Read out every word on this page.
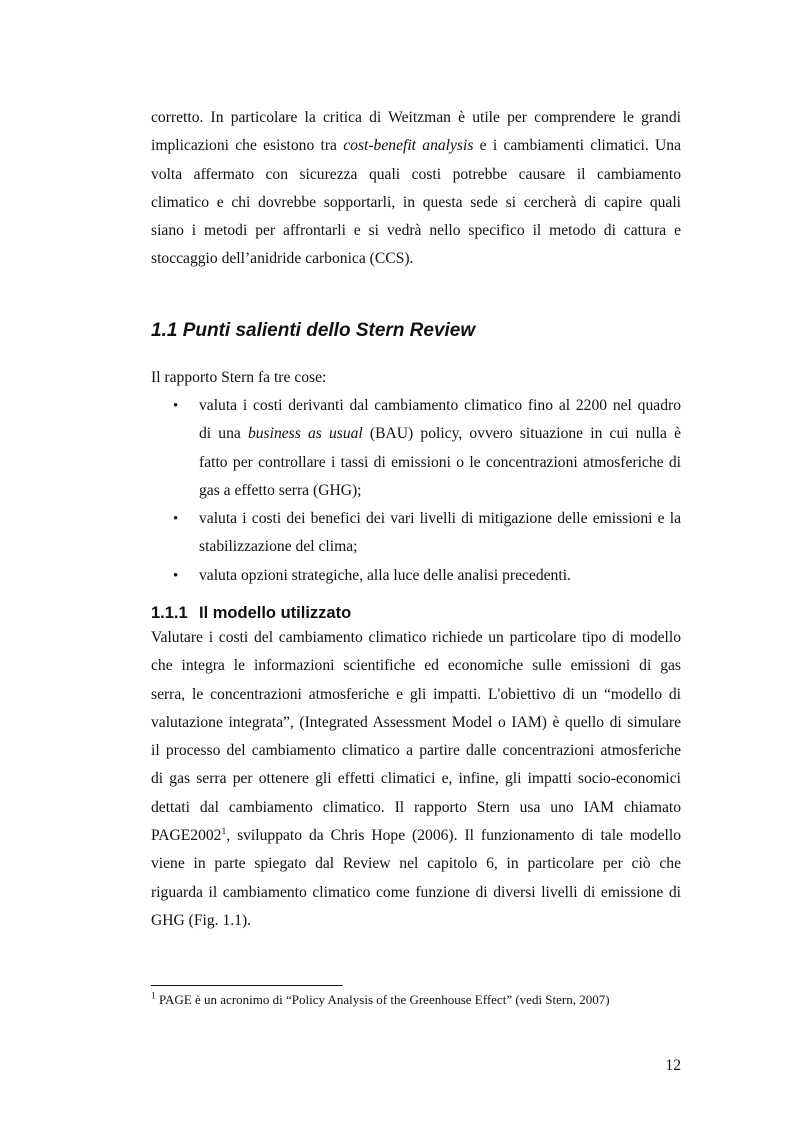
corretto. In particolare la critica di Weitzman è utile per comprendere le grandi
implicazioni che esistono tra cost-benefit analysis e i cambiamenti climatici. Una
volta affermato con sicurezza quali costi potrebbe causare il cambiamento
climatico e chi dovrebbe sopportarli, in questa sede si cercherà di capire quali
siano i metodi per affrontarli e si vedrà nello specifico il metodo di cattura e
stoccaggio dell’anidride carbonica (CCS).
1.1 Punti salienti dello Stern Review

Il rapporto Stern fa tre cose:

• valuta i costi derivanti dal cambiamento climatico fino al 2200 nel quadro
di una business as usual (BAU) policy, ovvero situazione in cui nulla è
fatto per controllare i tassi di emissioni o le concentrazioni atmosferiche di
gas a effetto serra (GHG);
• valuta i costi dei benefici dei vari livelli di mitigazione delle emissioni e la
stabilizzazione del clima;
• valuta opzioni strategiche, alla luce delle analisi precedenti.
1.1.1 Il modello utilizzato
Valutare i costi del cambiamento climatico richiede un particolare tipo di modello
che integra le informazioni scientifiche ed economiche sulle emissioni di gas
serra, le concentrazioni atmosferiche e gli impatti. L'obiettivo di un “modello di
valutazione integrata”, (Integrated Assessment Model o IAM) è quello di simulare
il processo del cambiamento climatico a partire dalle concentrazioni atmosferiche
di gas serra per ottenere gli effetti climatici e, infine, gli impatti socio-economici
dettati dal cambiamento climatico. Il rapporto Stern usa uno IAM chiamato
PAGE2002$^1$, sviluppato da Chris Hope (2006). Il funzionamento di tale modello
viene in parte spiegato dal Review nel capitolo 6, in particolare per ciò che
riguarda il cambiamento climatico come funzione di diversi livelli di emissione di
GHG (Fig. 1.1).

$^1$ PAGE è un acronimo di “Policy Analysis of the Greenhouse Effect” (vedi Stern, 2007)

12
